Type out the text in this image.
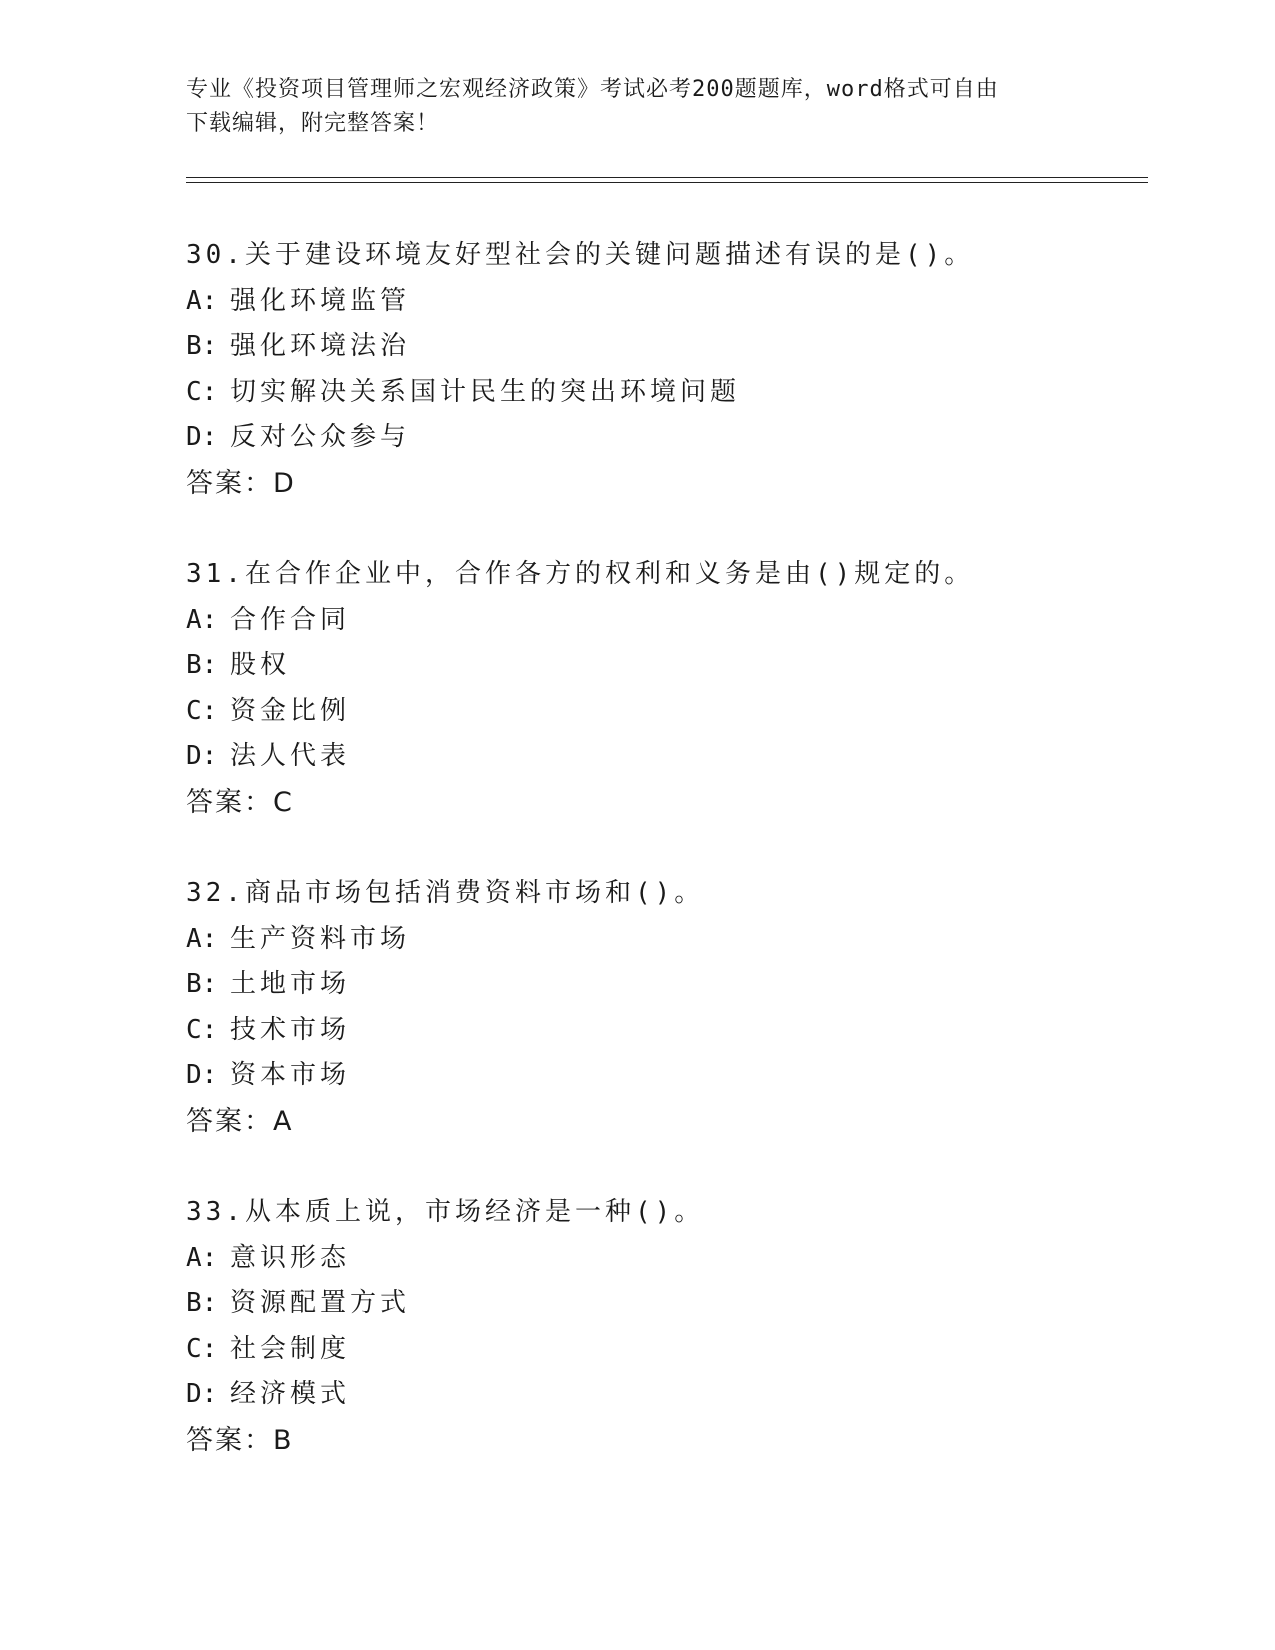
专业《投资项目管理师之宏观经济政策》考试必考200题题库，word格式可自由
下载编辑，附完整答案！
30.关于建设环境友好型社会的关键问题描述有误的是()。
A: 强化环境监管
B: 强化环境法治
C: 切实解决关系国计民生的突出环境问题
D: 反对公众参与
答案：D
31.在合作企业中，合作各方的权利和义务是由()规定的。
A: 合作合同
B: 股权
C: 资金比例
D: 法人代表
答案：C
32.商品市场包括消费资料市场和()。
A: 生产资料市场
B: 土地市场
C: 技术市场
D: 资本市场
答案：A
33.从本质上说，市场经济是一种()。
A: 意识形态
B: 资源配置方式
C: 社会制度
D: 经济模式
答案：B
